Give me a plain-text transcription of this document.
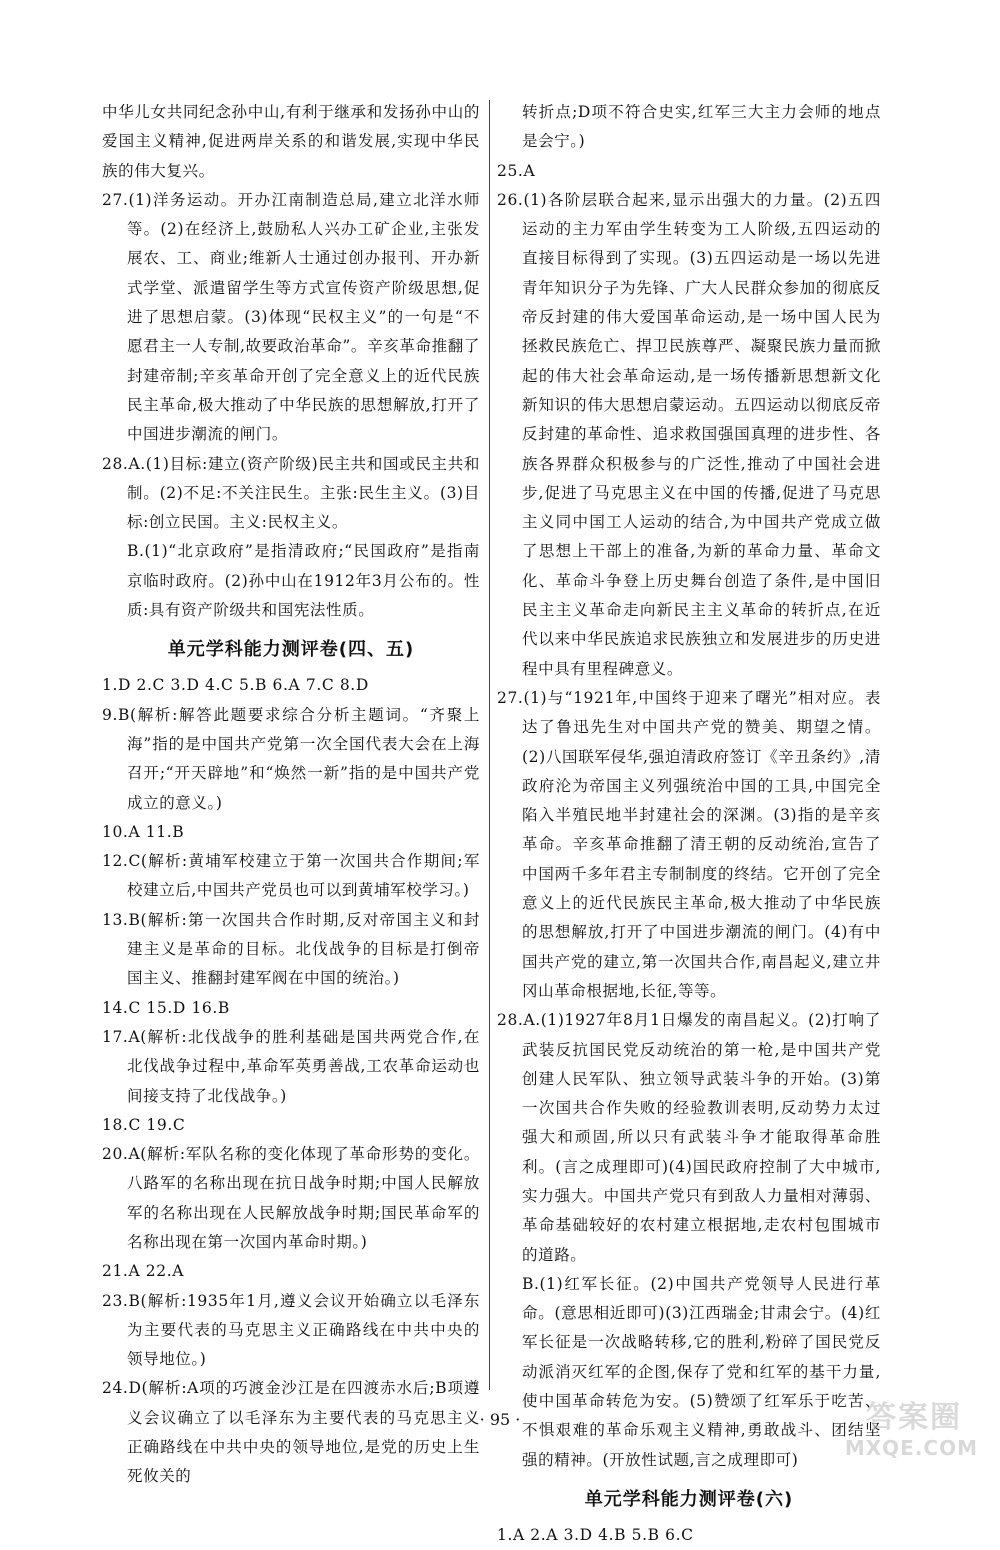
中华儿女共同纪念孙中山,有利于继承和发扬孙中山的爱国主义精神,促进两岸关系的和谐发展,实现中华民族的伟大复兴。

27.(1)洋务运动。开办江南制造总局,建立北洋水师等。(2)在经济上,鼓励私人兴办工矿企业,主张发展农、工、商业;维新人士通过创办报刊、开办新式学堂、派遣留学生等方式宣传资产阶级思想,促进了思想启蒙。(3)体现“民权主义”的一句是“不愿君主一人专制,故要政治革命”。辛亥革命推翻了封建帝制;辛亥革命开创了完全意义上的近代民族民主革命,极大推动了中华民族的思想解放,打开了中国进步潮流的闸门。

28.A.(1)目标:建立(资产阶级)民主共和国或民主共和制。(2)不足:不关注民生。主张:民生主义。(3)目标:创立民国。主义:民权主义。

B.(1)“北京政府”是指清政府;“民国政府”是指南京临时政府。(2)孙中山在1912年3月公布的。性质:具有资产阶级共和国宪法性质。

单元学科能力测评卷(四、五)

1.D 2.C 3.D 4.C 5.B 6.A 7.C 8.D

9.B(解析:解答此题要求综合分析主题词。“齐聚上海”指的是中国共产党第一次全国代表大会在上海召开;“开天辟地”和“焕然一新”指的是中国共产党成立的意义。)

10.A 11.B

12.C(解析:黄埔军校建立于第一次国共合作期间;军校建立后,中国共产党员也可以到黄埔军校学习。)

13.B(解析:第一次国共合作时期,反对帝国主义和封建主义是革命的目标。北伐战争的目标是打倒帝国主义、推翻封建军阀在中国的统治。)

14.C 15.D 16.B

17.A(解析:北伐战争的胜利基础是国共两党合作,在北伐战争过程中,革命军英勇善战,工农革命运动也间接支持了北伐战争。)

18.C 19.C

20.A(解析:军队名称的变化体现了革命形势的变化。八路军的名称出现在抗日战争时期;中国人民解放军的名称出现在人民解放战争时期;国民革命军的名称出现在第一次国内革命时期。)

21.A 22.A

23.B(解析:1935年1月,遵义会议开始确立以毛泽东为主要代表的马克思主义正确路线在中共中央的领导地位。)

24.D(解析:A项的巧渡金沙江是在四渡赤水后;B项遵义会议确立了以毛泽东为主要代表的马克思主义正确路线在中共中央的领导地位,是党的历史上生死攸关的

转折点;D项不符合史实,红军三大主力会师的地点是会宁。)

25.A

26.(1)各阶层联合起来,显示出强大的力量。(2)五四运动的主力军由学生转变为工人阶级,五四运动的直接目标得到了实现。(3)五四运动是一场以先进青年知识分子为先锋、广大人民群众参加的彻底反帝反封建的伟大爱国革命运动,是一场中国人民为拯救民族危亡、捍卫民族尊严、凝聚民族力量而掀起的伟大社会革命运动,是一场传播新思想新文化新知识的伟大思想启蒙运动。五四运动以彻底反帝反封建的革命性、追求救国强国真理的进步性、各族各界群众积极参与的广泛性,推动了中国社会进步,促进了马克思主义在中国的传播,促进了马克思主义同中国工人运动的结合,为中国共产党成立做了思想上干部上的准备,为新的革命力量、革命文化、革命斗争登上历史舞台创造了条件,是中国旧民主主义革命走向新民主主义革命的转折点,在近代以来中华民族追求民族独立和发展进步的历史进程中具有里程碑意义。

27.(1)与“1921年,中国终于迎来了曙光”相对应。表达了鲁迅先生对中国共产党的赞美、期望之情。(2)八国联军侵华,强迫清政府签订《辛丑条约》,清政府沦为帝国主义列强统治中国的工具,中国完全陷入半殖民地半封建社会的深渊。(3)指的是辛亥革命。辛亥革命推翻了清王朝的反动统治,宣告了中国两千多年君主专制制度的终结。它开创了完全意义上的近代民族民主革命,极大推动了中华民族的思想解放,打开了中国进步潮流的闸门。(4)有中国共产党的建立,第一次国共合作,南昌起义,建立井冈山革命根据地,长征,等等。

28.A.(1)1927年8月1日爆发的南昌起义。(2)打响了武装反抗国民党反动统治的第一枪,是中国共产党创建人民军队、独立领导武装斗争的开始。(3)第一次国共合作失败的经验教训表明,反动势力太过强大和顽固,所以只有武装斗争才能取得革命胜利。(言之成理即可)(4)国民政府控制了大中城市,实力强大。中国共产党只有到敌人力量相对薄弱、革命基础较好的农村建立根据地,走农村包围城市的道路。

B.(1)红军长征。(2)中国共产党领导人民进行革命。(意思相近即可)(3)江西瑞金;甘肃会宁。(4)红军长征是一次战略转移,它的胜利,粉碎了国民党反动派消灭红军的企图,保存了党和红军的基干力量,使中国革命转危为安。(5)赞颂了红军乐于吃苦、不惧艰难的革命乐观主义精神,勇敢战斗、团结坚强的精神。(开放性试题,言之成理即可)

单元学科能力测评卷(六)

1.A 2.A 3.D 4.B 5.B 6.C

· 95 ·	答案圈
MXQE.COM
